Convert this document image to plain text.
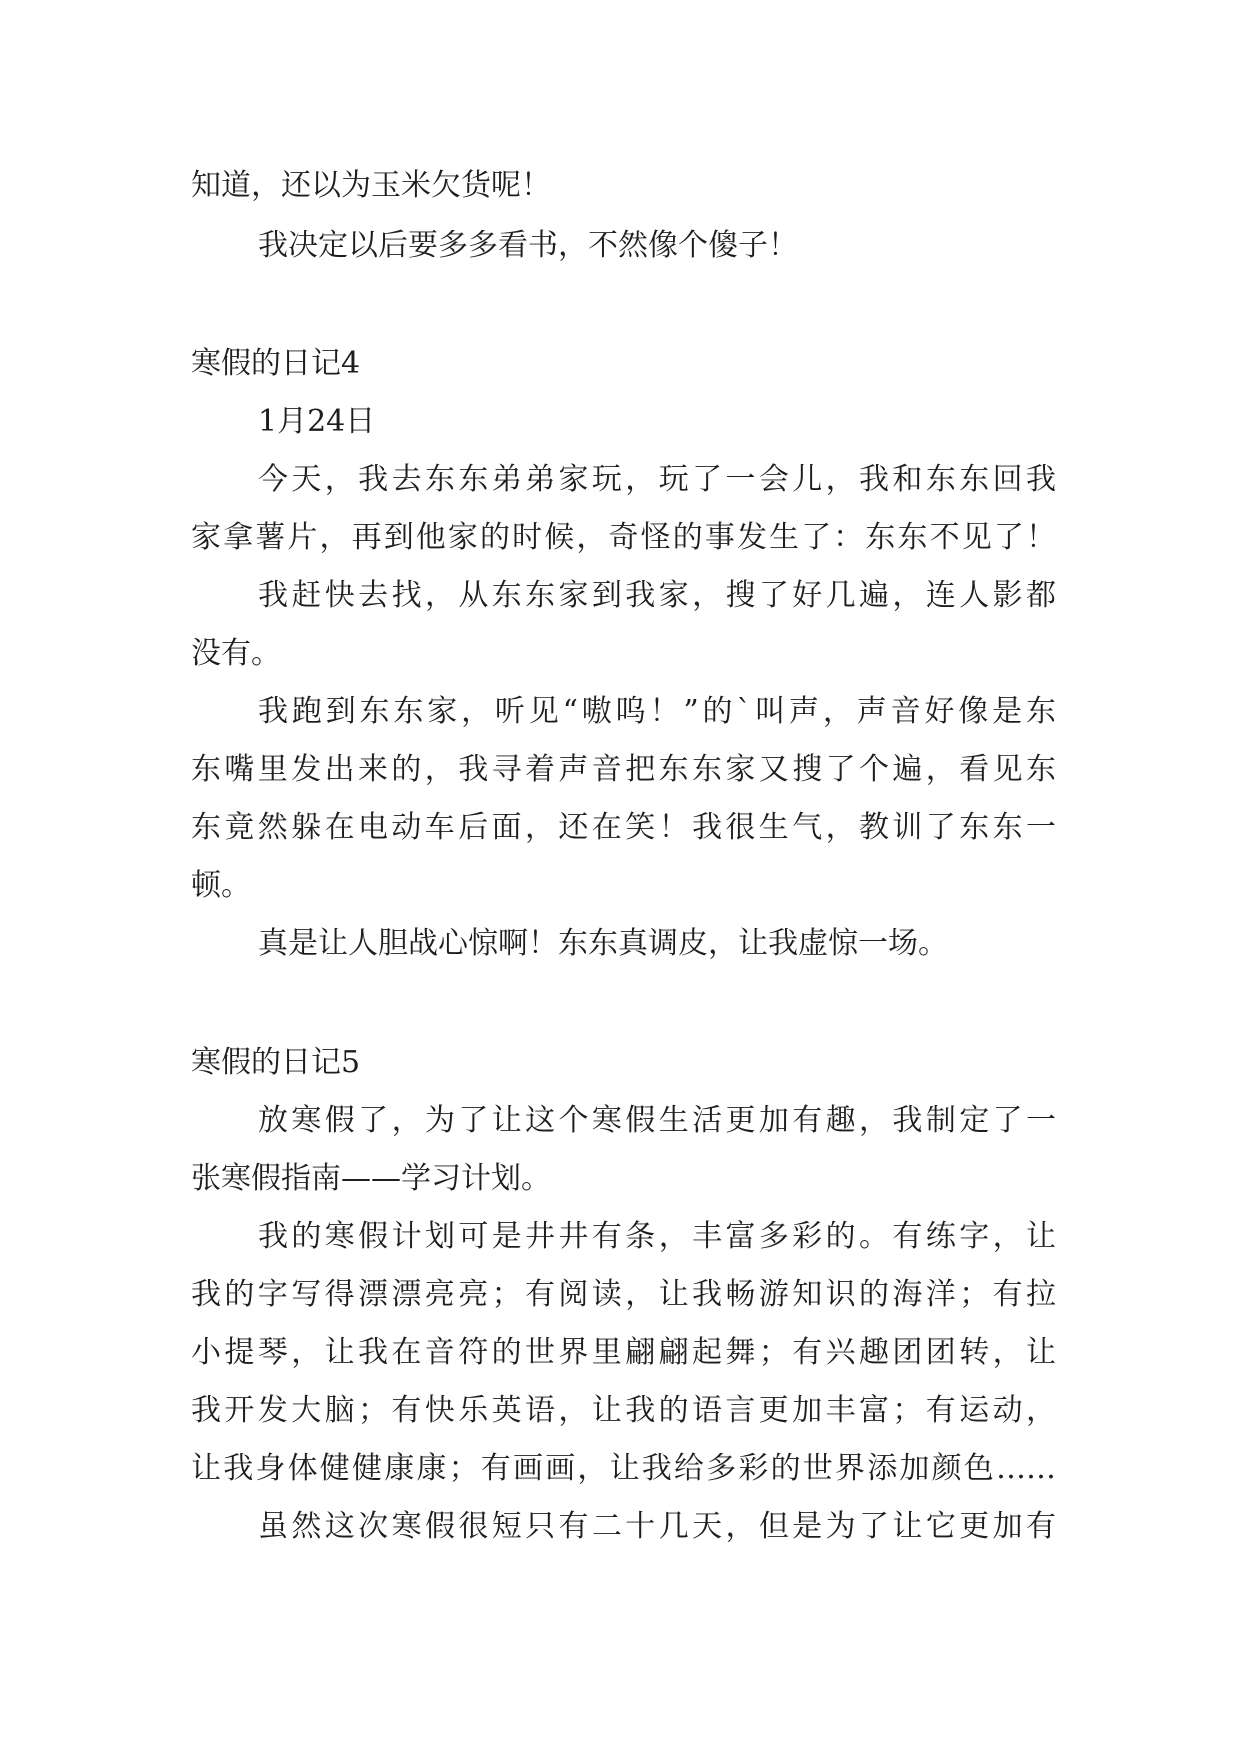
知道，还以为玉米欠货呢！
我决定以后要多多看书，不然像个傻子！
寒假的日记4
1月24日
今天，我去东东弟弟家玩，玩了一会儿，我和东东回我
家拿薯片，再到他家的时候，奇怪的事发生了：东东不见了！
我赶快去找，从东东家到我家，搜了好几遍，连人影都
没有。
我跑到东东家，听见“嗷呜！”的`叫声，声音好像是东
东嘴里发出来的，我寻着声音把东东家又搜了个遍，看见东
东竟然躲在电动车后面，还在笑！我很生气，教训了东东一
顿。
真是让人胆战心惊啊！东东真调皮，让我虚惊一场。
寒假的日记5
放寒假了，为了让这个寒假生活更加有趣，我制定了一
张寒假指南——学习计划。
我的寒假计划可是井井有条，丰富多彩的。有练字，让
我的字写得漂漂亮亮；有阅读，让我畅游知识的海洋；有拉
小提琴，让我在音符的世界里翩翩起舞；有兴趣团团转，让
我开发大脑；有快乐英语，让我的语言更加丰富；有运动，
让我身体健健康康；有画画，让我给多彩的世界添加颜色……
虽然这次寒假很短只有二十几天，但是为了让它更加有
